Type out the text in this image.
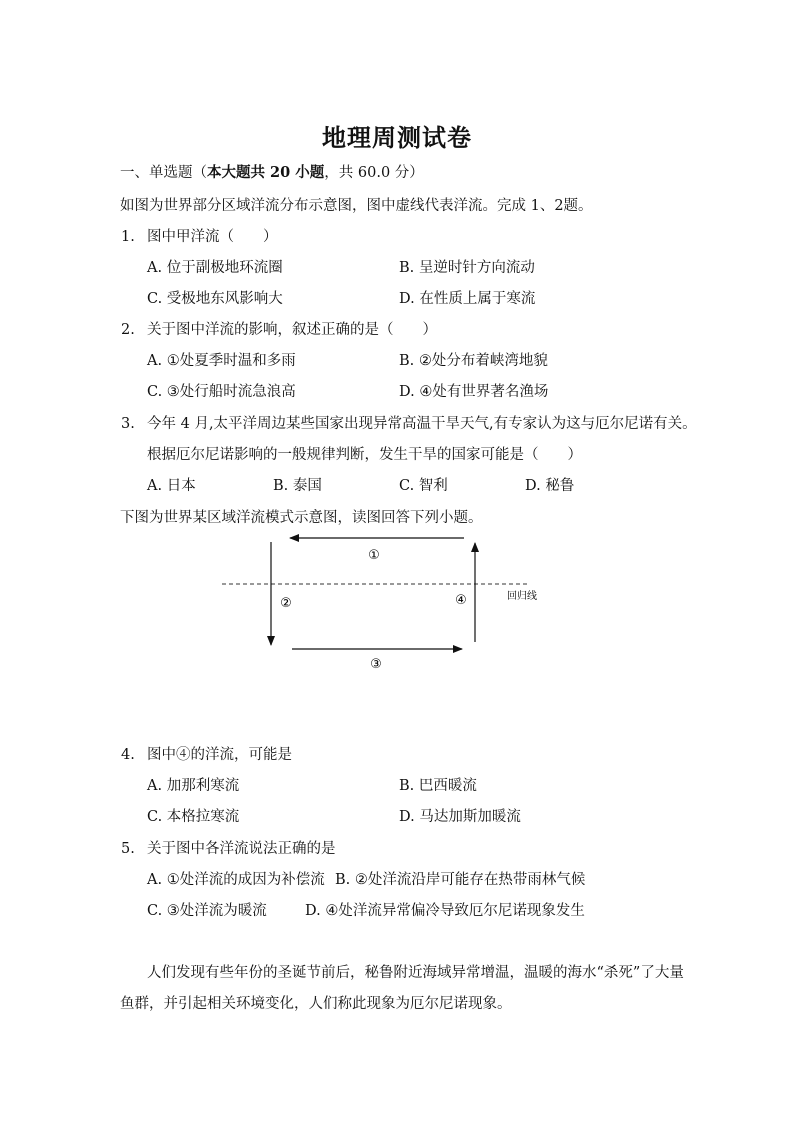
地理周测试卷
一、单选题（本大题共 20 小题，共 60.0 分）
如图为世界部分区域洋流分布示意图，图中虚线代表洋流。完成 1、2题。
1. 图中甲洋流（　　）
A. 位于副极地环流圈	B. 呈逆时针方向流动
C. 受极地东风影响大	D. 在性质上属于寒流
2. 关于图中洋流的影响，叙述正确的是（　　）
A. ①处夏季时温和多雨	B. ②处分布着峡湾地貌
C. ③处行船时流急浪高	D. ④处有世界著名渔场
3. 今年 4 月,太平洋周边某些国家出现异常高温干旱天气,有专家认为这与厄尔尼诺有关。
根据厄尔尼诺影响的一般规律判断，发生干旱的国家可能是（　　）
A. 日本	B. 泰国	C. 智利	D. 秘鲁
下图为世界某区域洋流模式示意图，读图回答下列小题。
①
②
③
④	回归线
4. 图中④的洋流，可能是
A. 加那利寒流	B. 巴西暖流
C. 本格拉寒流	D. 马达加斯加暖流
5. 关于图中各洋流说法正确的是
A. ①处洋流的成因为补偿流 B. ②处洋流沿岸可能存在热带雨林气候
C. ③处洋流为暖流	D. ④处洋流异常偏冷导致厄尔尼诺现象发生
人们发现有些年份的圣诞节前后，秘鲁附近海域异常增温，温暖的海水“杀死”了大量
鱼群，并引起相关环境变化，人们称此现象为厄尔尼诺现象。
